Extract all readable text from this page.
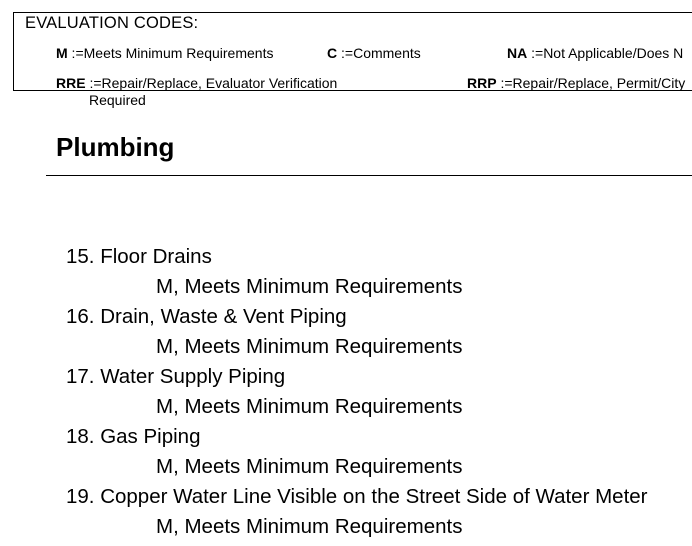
EVALUATION CODES:
M :=Meets Minimum Requirements	C :=Comments	NA :=Not Applicable/Does N
RRE :=Repair/Replace, Evaluator Verification	RRP :=Repair/Replace, Permit/City
Required
Plumbing
15. Floor Drains
M, Meets Minimum Requirements
16. Drain, Waste & Vent Piping
M, Meets Minimum Requirements
17. Water Supply Piping
M, Meets Minimum Requirements
18. Gas Piping
M, Meets Minimum Requirements
19. Copper Water Line Visible on the Street Side of Water Meter
M, Meets Minimum Requirements
